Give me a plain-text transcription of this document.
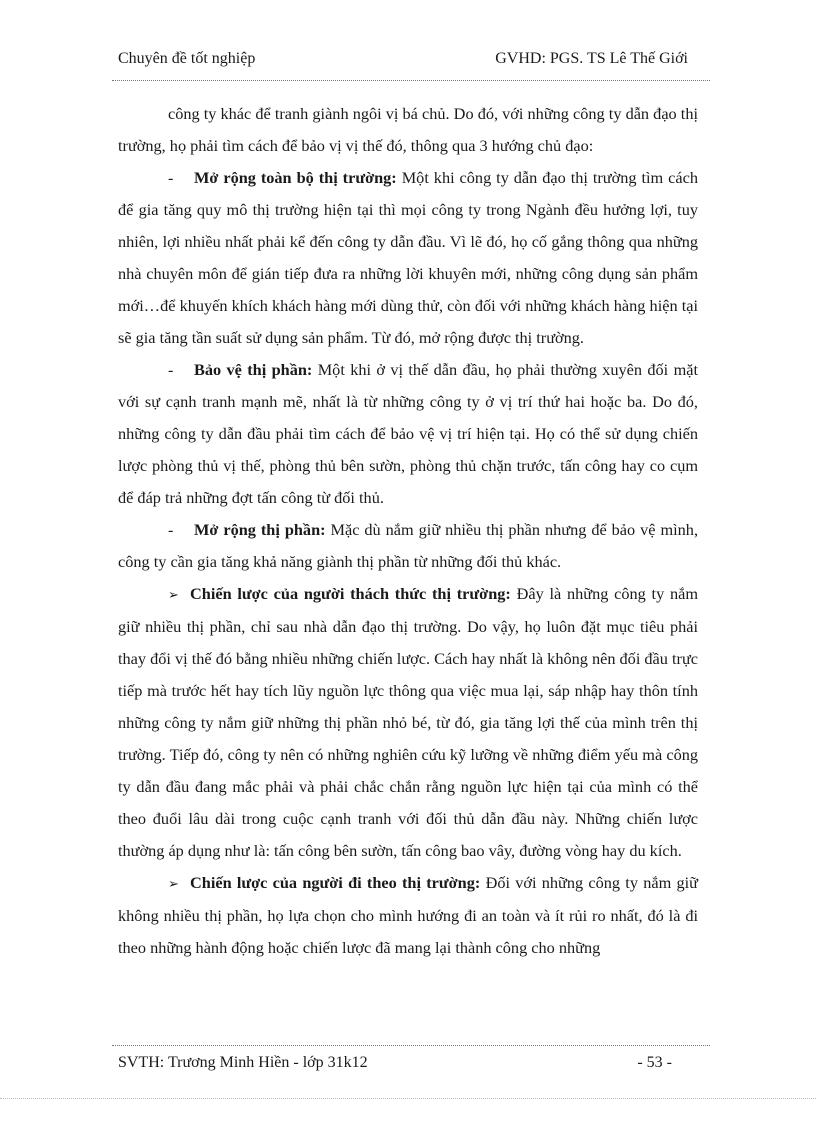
Chuyên đề tốt nghiệp	GVHD: PGS. TS Lê Thế Giới

công ty khác để tranh giành ngôi vị bá chủ. Do đó, với những công ty dẫn đạo thị trường, họ phải tìm cách để bảo vị vị thế đó, thông qua 3 hướng chủ đạo:

- Mở rộng toàn bộ thị trường: Một khi công ty dẫn đạo thị trường tìm cách để gia tăng quy mô thị trường hiện tại thì mọi công ty trong Ngành đều hưởng lợi, tuy nhiên, lợi nhiều nhất phải kể đến công ty dẫn đầu. Vì lẽ đó, họ cố gắng thông qua những nhà chuyên môn để gián tiếp đưa ra những lời khuyên mới, những công dụng sản phẩm mới…để khuyến khích khách hàng mới dùng thử, còn đối với những khách hàng hiện tại sẽ gia tăng tần suất sử dụng sản phẩm. Từ đó, mở rộng được thị trường.

- Bảo vệ thị phần: Một khi ở vị thế dẫn đầu, họ phải thường xuyên đối mặt với sự cạnh tranh mạnh mẽ, nhất là từ những công ty ở vị trí thứ hai hoặc ba. Do đó, những công ty dẫn đầu phải tìm cách để bảo vệ vị trí hiện tại. Họ có thể sử dụng chiến lược phòng thủ vị thế, phòng thủ bên sườn, phòng thủ chặn trước, tấn công hay co cụm để đáp trả những đợt tấn công từ đối thủ.

- Mở rộng thị phần: Mặc dù nắm giữ nhiều thị phần nhưng để bảo vệ mình, công ty cần gia tăng khả năng giành thị phần từ những đối thủ khác.

➢ Chiến lược của người thách thức thị trường: Đây là những công ty nắm giữ nhiều thị phần, chỉ sau nhà dẫn đạo thị trường. Do vậy, họ luôn đặt mục tiêu phải thay đổi vị thế đó bằng nhiều những chiến lược. Cách hay nhất là không nên đối đầu trực tiếp mà trước hết hay tích lũy nguồn lực thông qua việc mua lại, sáp nhập hay thôn tính những công ty nắm giữ những thị phần nhỏ bé, từ đó, gia tăng lợi thế của mình trên thị trường. Tiếp đó, công ty nên có những nghiên cứu kỹ lưỡng về những điểm yếu mà công ty dẫn đầu đang mắc phải và phải chắc chắn rằng nguồn lực hiện tại của mình có thể theo đuổi lâu dài trong cuộc cạnh tranh với đối thủ dẫn đầu này. Những chiến lược thường áp dụng như là: tấn công bên sườn, tấn công bao vây, đường vòng hay du kích.

➢ Chiến lược của người đi theo thị trường: Đối với những công ty nắm giữ không nhiều thị phần, họ lựa chọn cho mình hướng đi an toàn và ít rủi ro nhất, đó là đi theo những hành động hoặc chiến lược đã mang lại thành công cho những

SVTH: Trương Minh Hiền - lớp 31k12	- 53 -
